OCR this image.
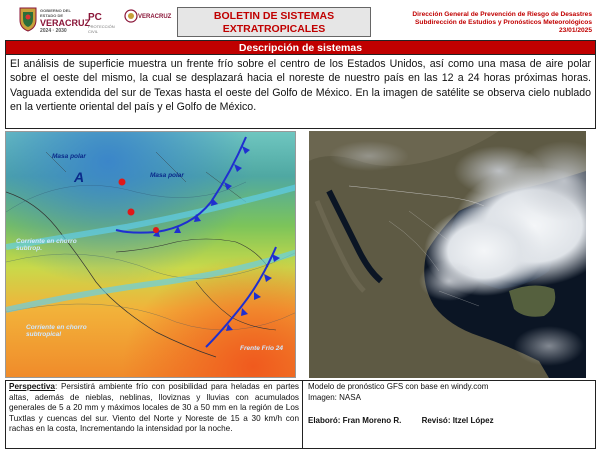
GOBIERNO DEL ESTADO DE
VERACRUZ
2024 · 2030
PC
PROTECCIÓN CIVIL
VERACRUZ	BOLETIN DE SISTEMAS
EXTRATROPICALES
Dirección General de Prevención de Riesgo de Desastres
Subdirección de Estudios y Pronósticos Meteorológicos
23/01/2025
Descripción de sistemas
El análisis de superficie muestra un frente frío sobre el centro de los Estados Unidos, así como una masa de aire polar sobre el oeste del mismo, la cual se desplazará hacia el noreste de nuestro país en las 12 a 24 horas próximas horas. Vaguada extendida del sur de Texas hasta el oeste del Golfo de México. En la imagen de satélite se observa cielo nublado en la vertiente oriental del país y el Golfo de México.
A
Masa polar
Masa polar
Corriente en chorro subtrop.
Corriente en chorro subtropical
Frente Frío 24
Perspectiva: Persistirá ambiente frío con posibilidad para heladas en partes altas, además de nieblas, neblinas, lloviznas y lluvias con acumulados generales de 5 a 20 mm y máximos locales de 30 a 50 mm en la región de Los Tuxtlas y cuencas del sur. Viento del Norte y Noreste de 15 a 30 km/h con rachas en la costa, Incrementando la intensidad por la noche.
Modelo de pronóstico GFS con base en windy.com
Imagen: NASA
Elaboró: Fran Moreno R.	Revisó: Itzel López
